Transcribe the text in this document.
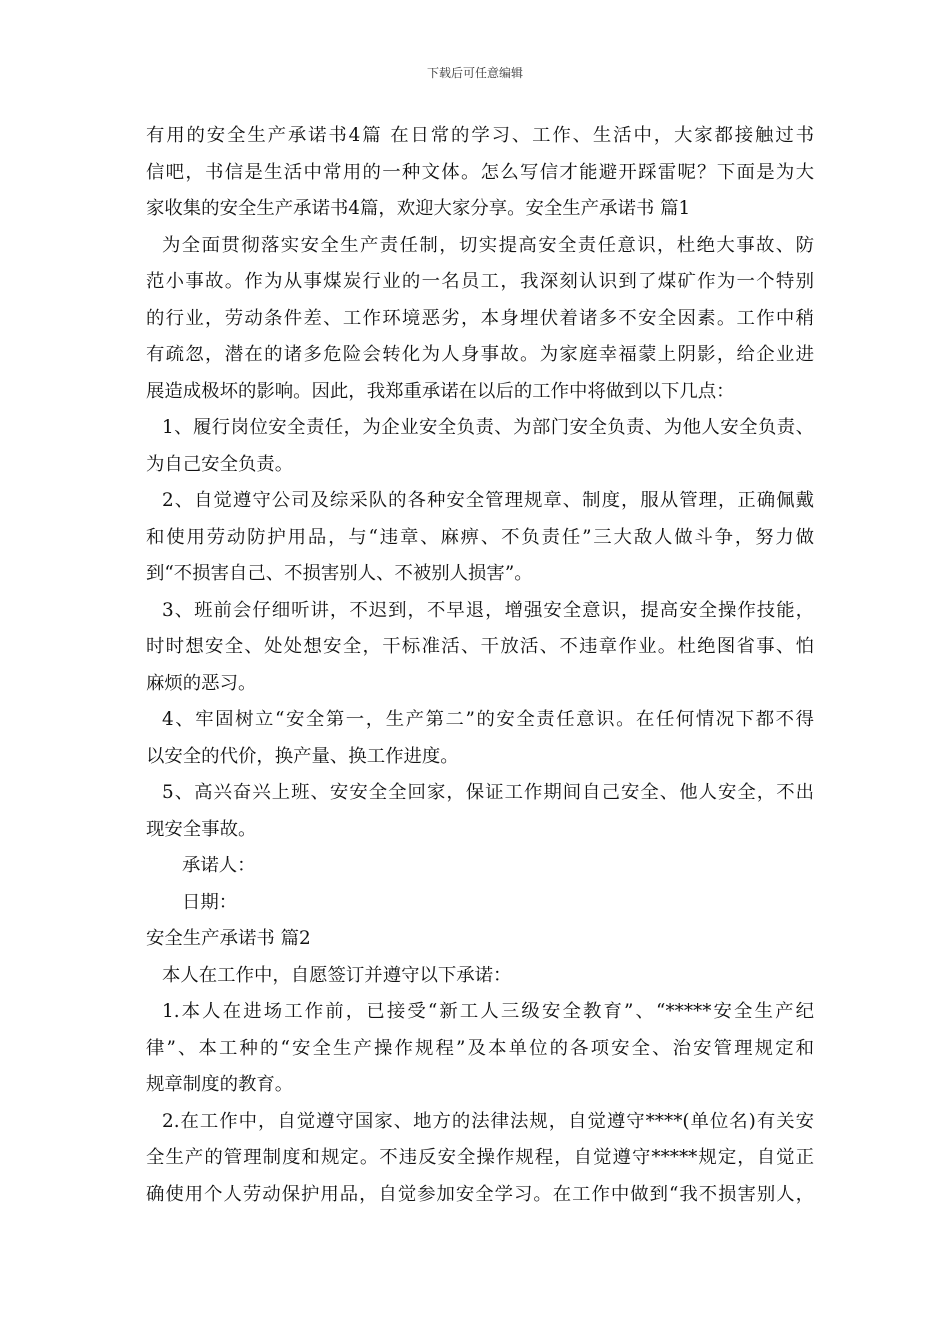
下载后可任意编辑
有用的安全生产承诺书4篇 在日常的学习、工作、生活中，大家都接触过书
信吧，书信是生活中常用的一种文体。怎么写信才能避开踩雷呢？下面是为大
家收集的安全生产承诺书4篇，欢迎大家分享。安全生产承诺书 篇1
为全面贯彻落实安全生产责任制，切实提高安全责任意识，杜绝大事故、防
范小事故。作为从事煤炭行业的一名员工，我深刻认识到了煤矿作为一个特别
的行业，劳动条件差、工作环境恶劣，本身埋伏着诸多不安全因素。工作中稍
有疏忽，潜在的诸多危险会转化为人身事故。为家庭幸福蒙上阴影，给企业进
展造成极坏的影响。因此，我郑重承诺在以后的工作中将做到以下几点：
1、履行岗位安全责任，为企业安全负责、为部门安全负责、为他人安全负责、
为自己安全负责。
2、自觉遵守公司及综采队的各种安全管理规章、制度，服从管理，正确佩戴
和使用劳动防护用品，与“违章、麻痹、不负责任”三大敌人做斗争，努力做
到“不损害自己、不损害别人、不被别人损害”。
3、班前会仔细听讲，不迟到，不早退，增强安全意识，提高安全操作技能，
时时想安全、处处想安全，干标准活、干放活、不违章作业。杜绝图省事、怕
麻烦的恶习。
4、牢固树立“安全第一，生产第二”的安全责任意识。在任何情况下都不得
以安全的代价，换产量、换工作进度。
5、高兴奋兴上班、安安全全回家，保证工作期间自己安全、他人安全，不出
现安全事故。
承诺人：
日期：
安全生产承诺书 篇2
本人在工作中，自愿签订并遵守以下承诺：
1.本人在进场工作前，已接受“新工人三级安全教育”、“*****安全生产纪
律”、本工种的“安全生产操作规程”及本单位的各项安全、治安管理规定和
规章制度的教育。
2.在工作中，自觉遵守国家、地方的法律法规，自觉遵守****(单位名)有关安
全生产的管理制度和规定。不违反安全操作规程，自觉遵守*****规定，自觉正
确使用个人劳动保护用品，自觉参加安全学习。在工作中做到“我不损害别人，
